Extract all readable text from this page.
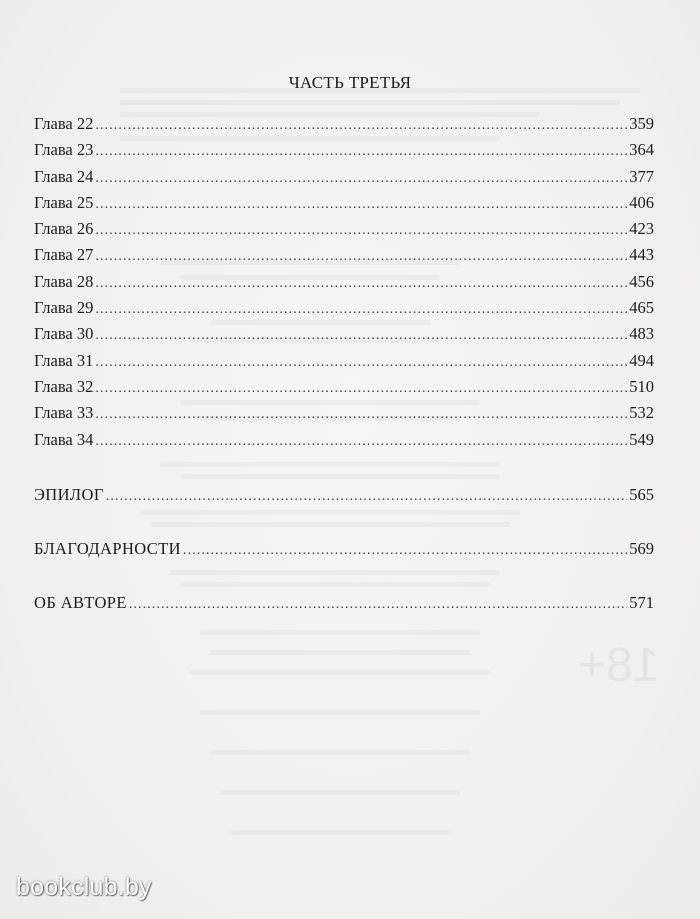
18+
ЧАСТЬ ТРЕТЬЯ
Глава 22 . . .	359
Глава 23 . . .	364
Глава 24 . . .	377
Глава 25 . . .	406
Глава 26 . . .	423
Глава 27 . . .	443
Глава 28 . . .	456
Глава 29 . . .	465
Глава 30 . . .	483
Глава 31 . . .	494
Глава 32 . . .	510
Глава 33 . . .	532
Глава 34 . . .	549
ЭПИЛОГ . . .	565
БЛАГОДАРНОСТИ . . .	569
ОБ АВТОРЕ . . .	571
bookclub.by
